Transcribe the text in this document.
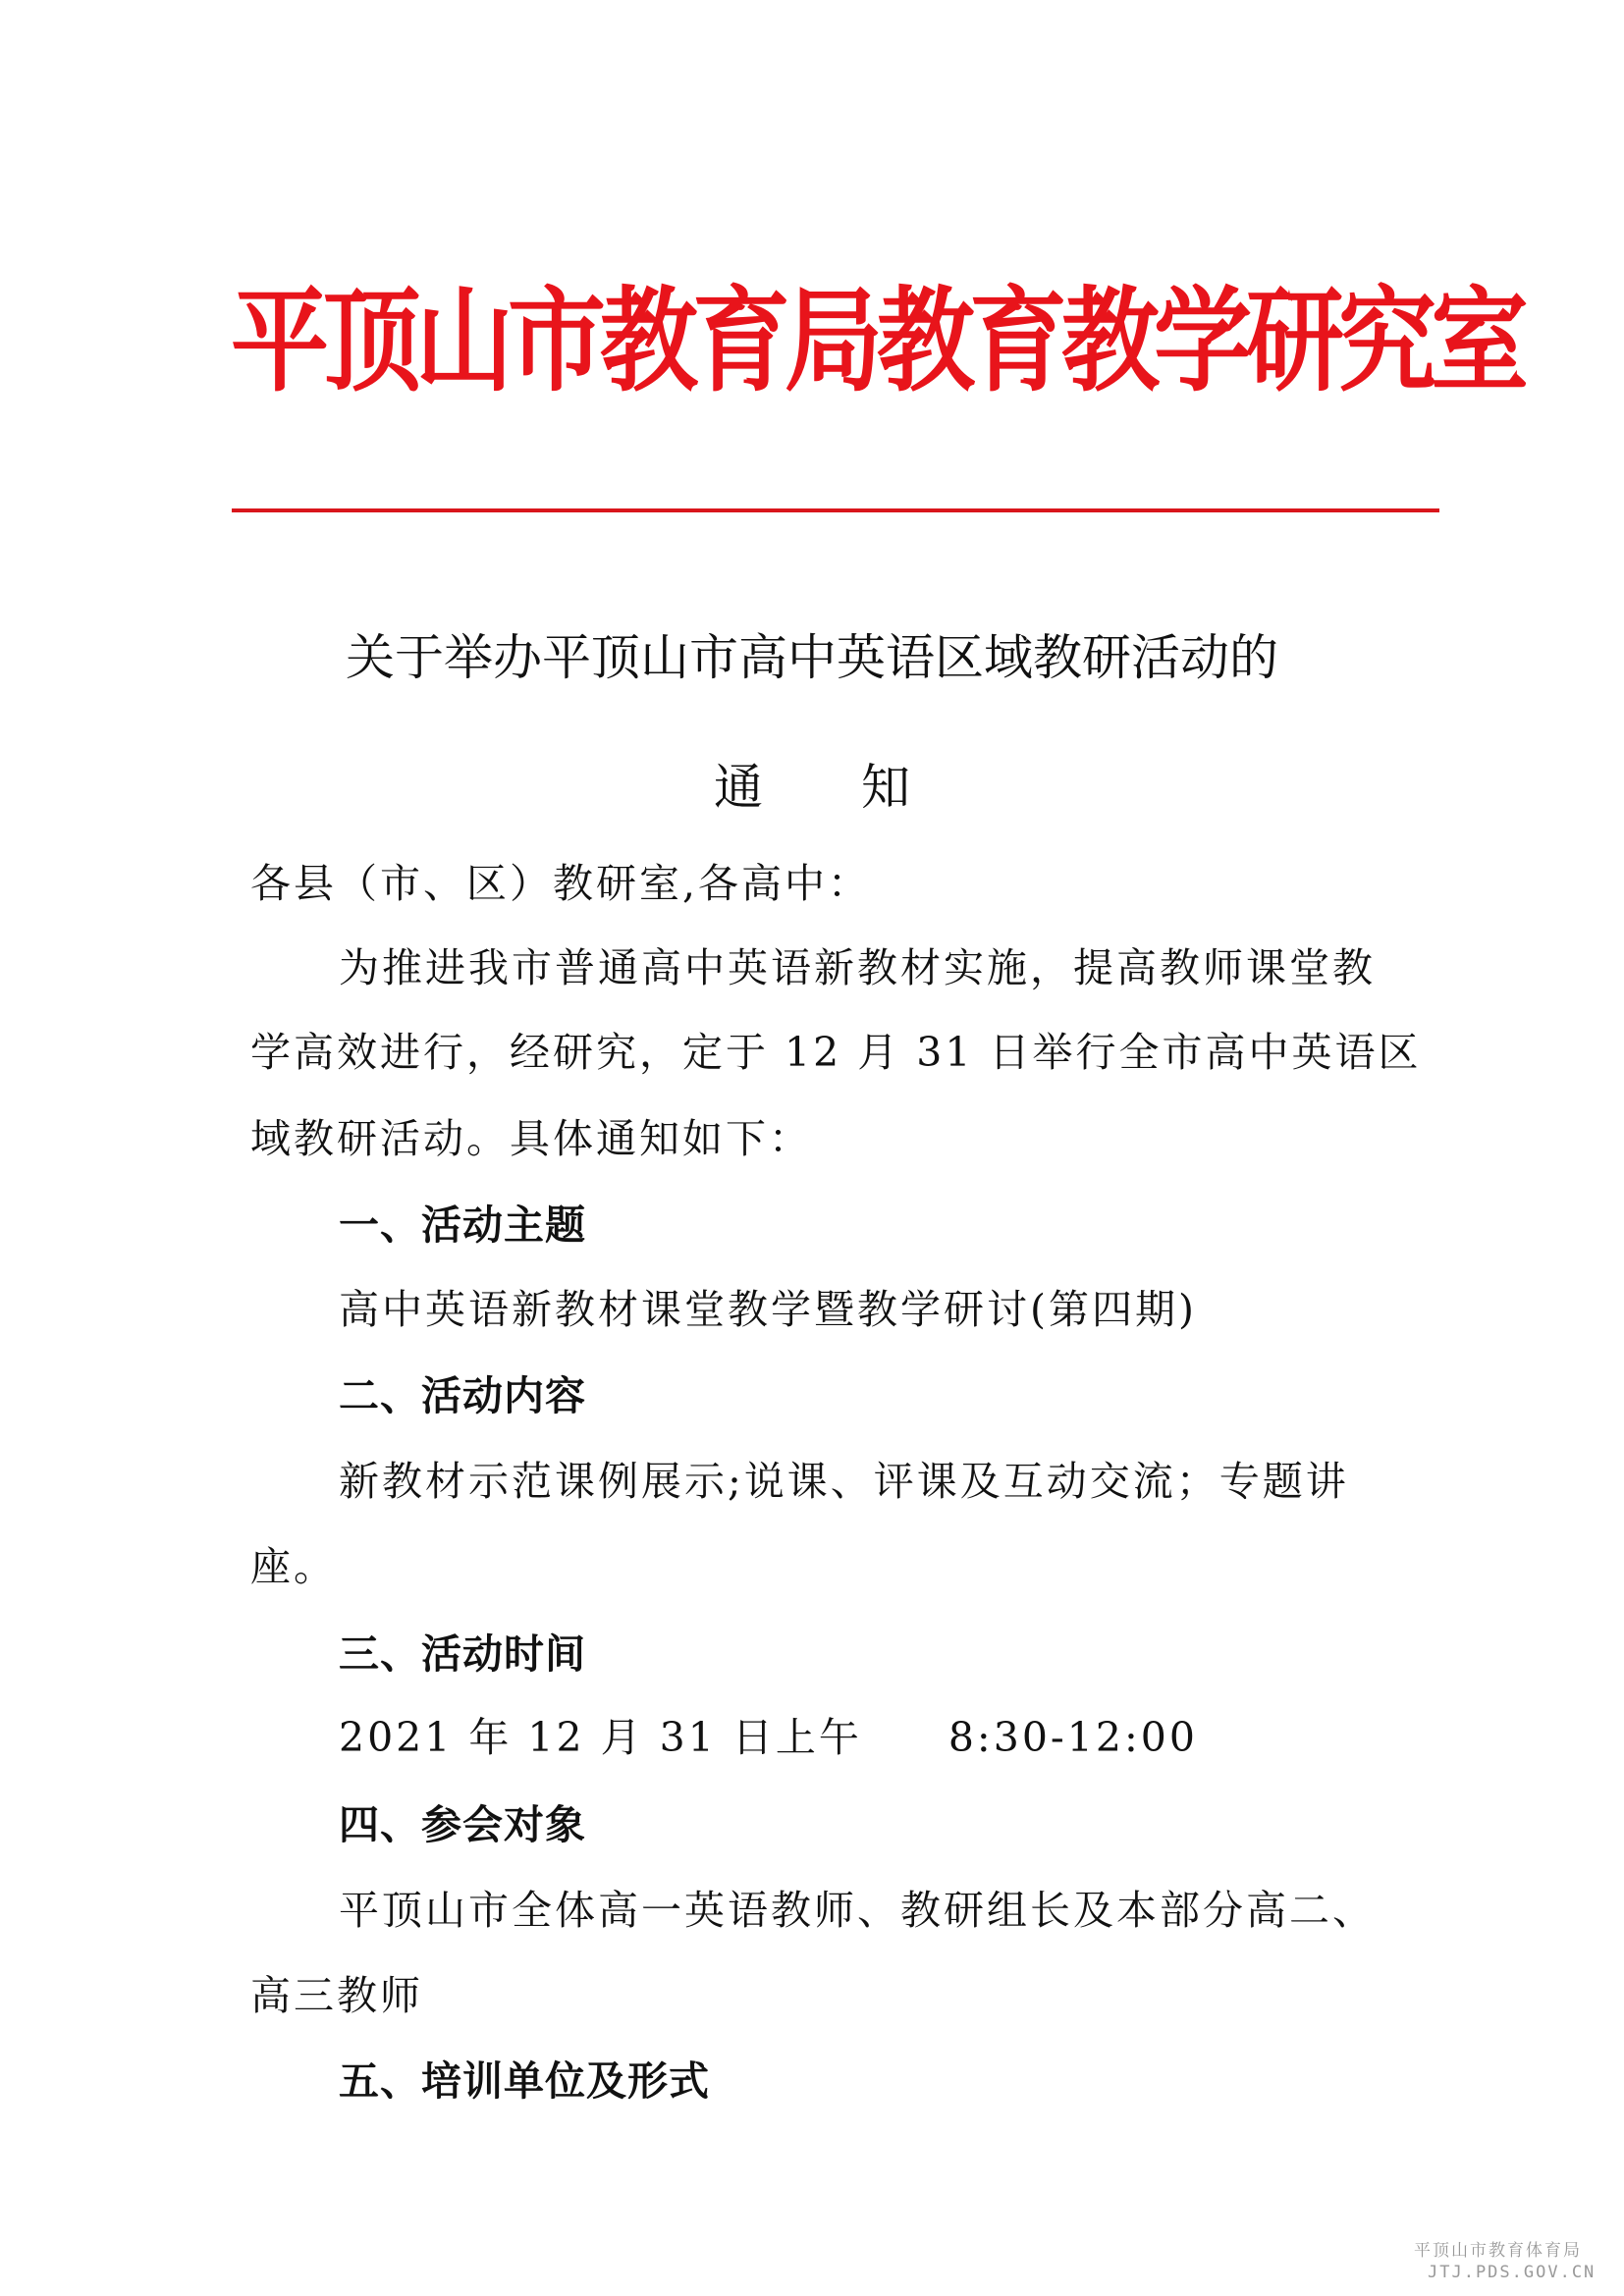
平顶山市教育局教育教学研究室
关于举办平顶山市高中英语区域教研活动的
通　　知
各县（市、区）教研室,各高中：
为推进我市普通高中英语新教材实施，提高教师课堂教
学高效进行，经研究，定于 12 月 31 日举行全市高中英语区
域教研活动。具体通知如下：
一、活动主题
高中英语新教材课堂教学暨教学研讨(第四期)
二、活动内容
新教材示范课例展示;说课、评课及互动交流；专题讲
座。
三、活动时间
2021 年 12 月 31 日上午　　8:30-12:00
四、参会对象
平顶山市全体高一英语教师、教研组长及本部分高二、
高三教师
五、培训单位及形式
平顶山市教育体育局
JTJ.PDS.GOV.CN
